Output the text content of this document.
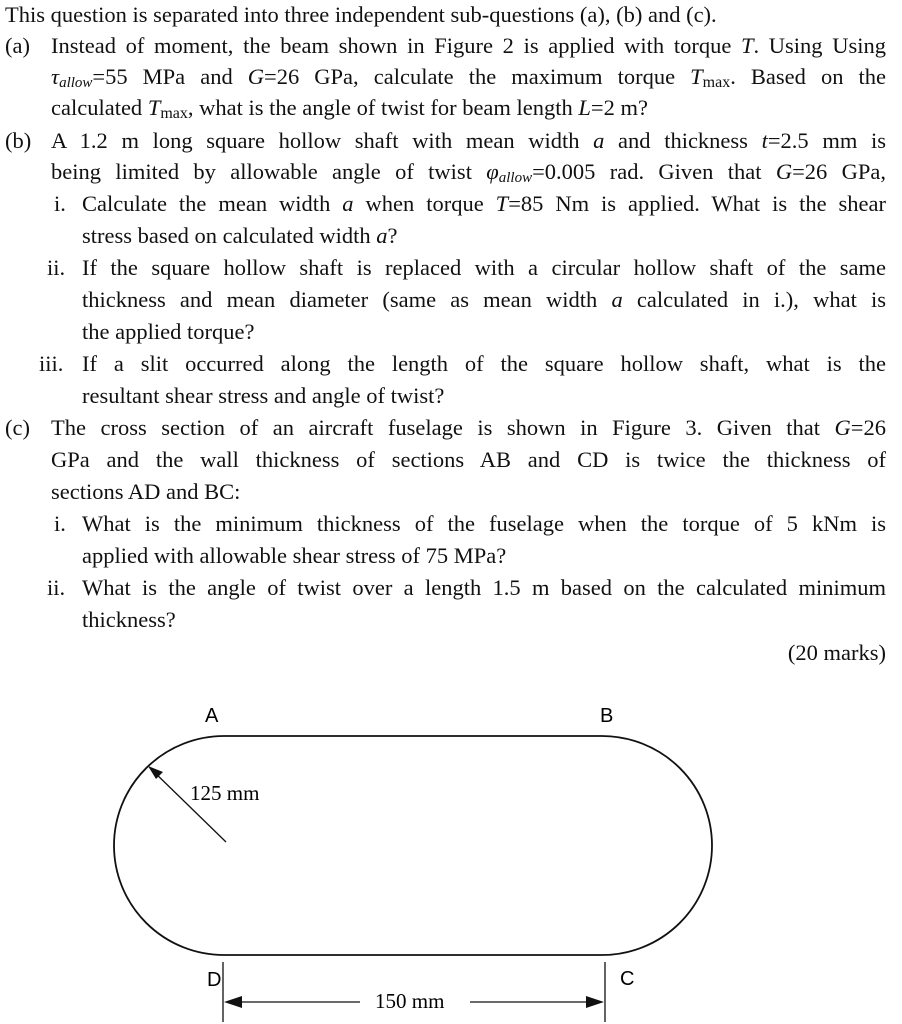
This question is separated into three independent sub-questions (a), (b) and (c).
(a) Instead of moment, the beam shown in Figure 2 is applied with torque T. Using Using
$\tau_{allow}=55$ MPa and G=26 GPa, calculate the maximum torque $T_{max}$. Based on the
calculated $T_{max}$, what is the angle of twist for beam length L=2 m?
(b) A 1.2 m long square hollow shaft with mean width a and thickness t=2.5 mm is
being limited by allowable angle of twist $\varphi_{allow}=0.005$ rad. Given that G=26 GPa,
i. Calculate the mean width a when torque T=85 Nm is applied. What is the shear
stress based on calculated width a?
ii. If the square hollow shaft is replaced with a circular hollow shaft of the same
thickness and mean diameter (same as mean width a calculated in i.), what is
the applied torque?
iii. If a slit occurred along the length of the square hollow shaft, what is the
resultant shear stress and angle of twist?
(c) The cross section of an aircraft fuselage is shown in Figure 3. Given that G=26
GPa and the wall thickness of sections AB and CD is twice the thickness of
sections AD and BC:
i. What is the minimum thickness of the fuselage when the torque of 5 kNm is
applied with allowable shear stress of 75 MPa?
ii. What is the angle of twist over a length 1.5 m based on the calculated minimum
thickness?
(20 marks)
A	B
C
D
125 mm
150 mm
